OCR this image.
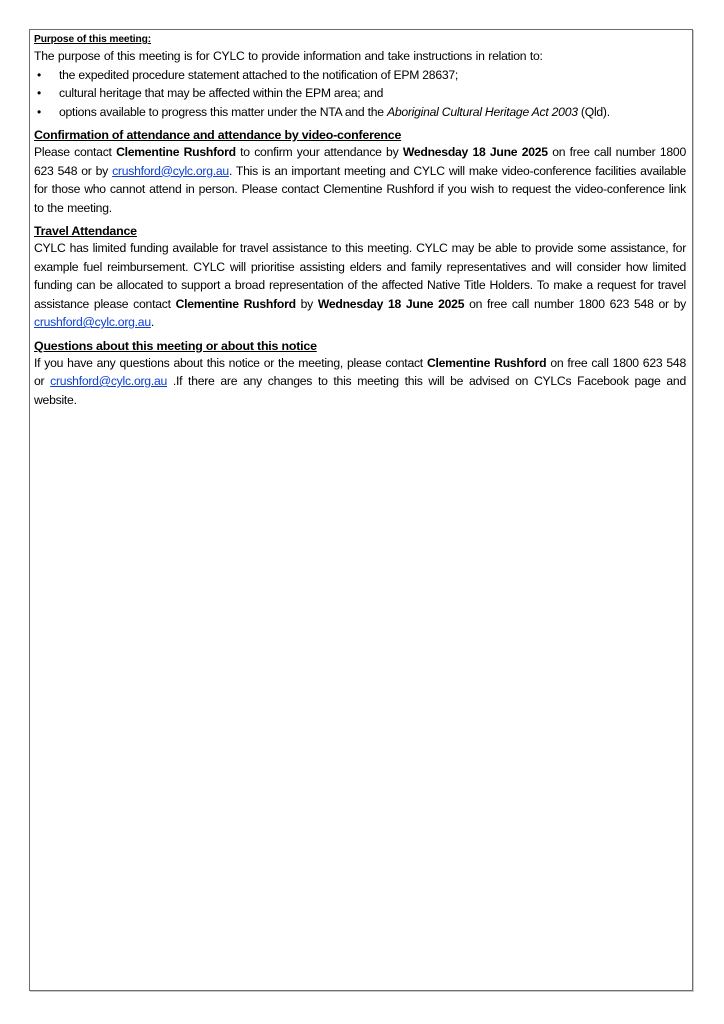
Purpose of this meeting:

The purpose of this meeting is for CYLC to provide information and take instructions in relation to:

• the expedited procedure statement attached to the notification of EPM 28637;
• cultural heritage that may be affected within the EPM area; and
• options available to progress this matter under the NTA and the Aboriginal Cultural Heritage Act 2003 (Qld).

Confirmation of attendance and attendance by video-conference

Please contact Clementine Rushford to confirm your attendance by Wednesday 18 June 2025 on free call number 1800 623 548 or by crushford@cylc.org.au. This is an important meeting and CYLC will make video-conference facilities available for those who cannot attend in person. Please contact Clementine Rushford if you wish to request the video-conference link to the meeting.

Travel Attendance

CYLC has limited funding available for travel assistance to this meeting. CYLC may be able to provide some assistance, for example fuel reimbursement. CYLC will prioritise assisting elders and family representatives and will consider how limited funding can be allocated to support a broad representation of the affected Native Title Holders. To make a request for travel assistance please contact Clementine Rushford by Wednesday 18 June 2025 on free call number 1800 623 548 or by crushford@cylc.org.au.

Questions about this meeting or about this notice

If you have any questions about this notice or the meeting, please contact Clementine Rushford on free call 1800 623 548 or crushford@cylc.org.au .If there are any changes to this meeting this will be advised on CYLCs Facebook page and website.
